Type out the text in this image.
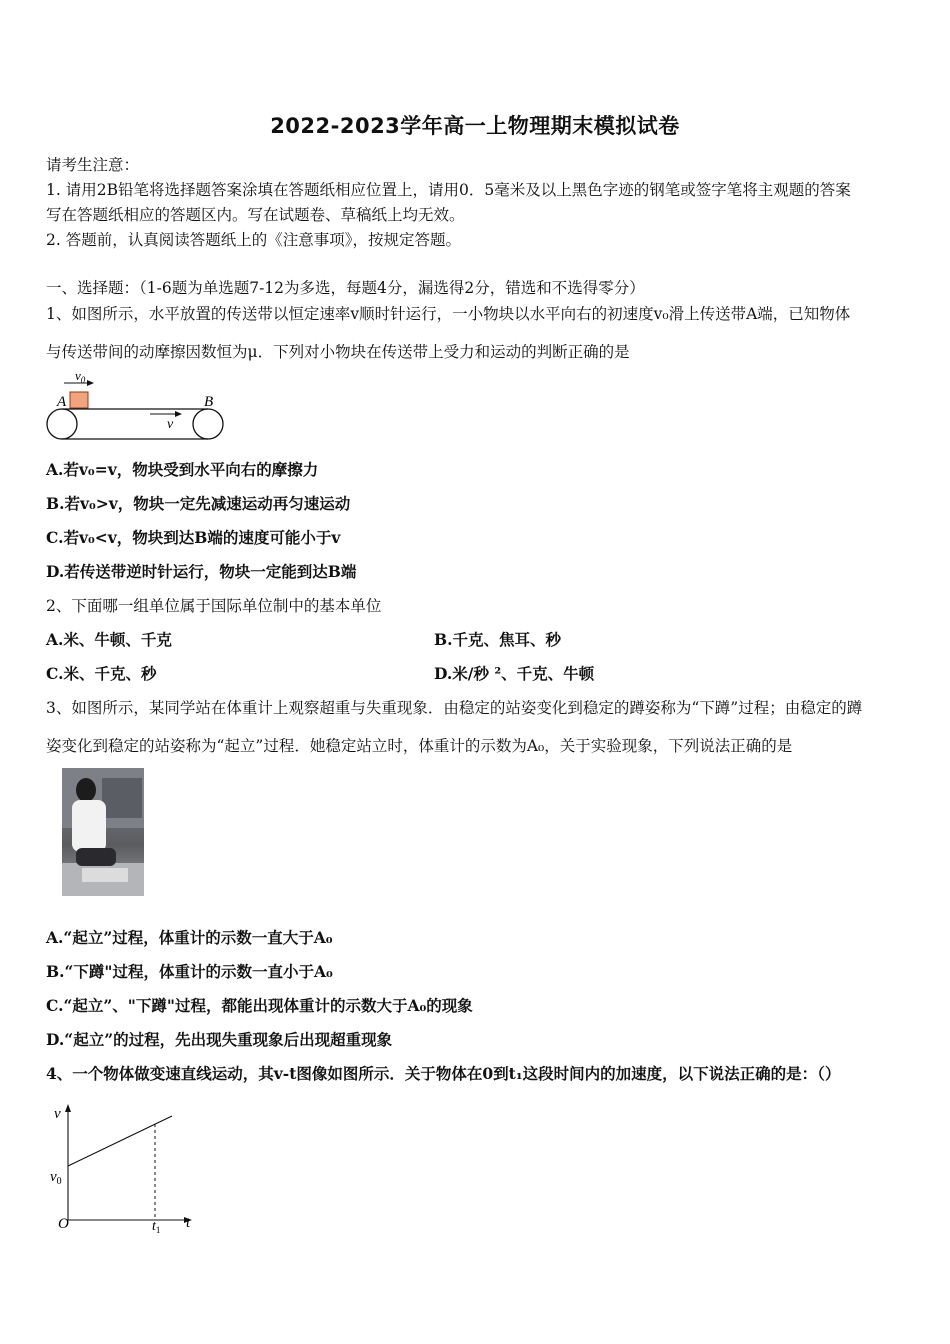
2022-2023学年高一上物理期末模拟试卷
请考生注意：
1. 请用2B铅笔将选择题答案涂填在答题纸相应位置上，请用0．5毫米及以上黑色字迹的钢笔或签字笔将主观题的答案
写在答题纸相应的答题区内。写在试题卷、草稿纸上均无效。
2. 答题前，认真阅读答题纸上的《注意事项》，按规定答题。
一、选择题：（1-6题为单选题7-12为多选，每题4分，漏选得2分，错选和不选得零分）
1、如图所示，水平放置的传送带以恒定速率v顺时针运行，一小物块以水平向右的初速度v₀滑上传送带A端，已知物体
与传送带间的动摩擦因数恒为μ．下列对小物块在传送带上受力和运动的判断正确的是
$v_0$
A	B
v
A.若v₀=v，物块受到水平向右的摩擦力
B.若v₀>v，物块一定先减速运动再匀速运动
C.若v₀<v，物块到达B端的速度可能小于v
D.若传送带逆时针运行，物块一定能到达B端
2、下面哪一组单位属于国际单位制中的基本单位
A.米、牛顿、千克	B.千克、焦耳、秒
C.米、千克、秒	D.米/秒 ²、千克、牛顿
3、如图所示，某同学站在体重计上观察超重与失重现象．由稳定的站姿变化到稳定的蹲姿称为“下蹲”过程；由稳定的蹲
姿变化到稳定的站姿称为“起立”过程．她稳定站立时，体重计的示数为A₀，关于实验现象，下列说法正确的是
A.“起立”过程，体重计的示数一直大于A₀
B.“下蹲"过程，体重计的示数一直小于A₀
C.“起立”、"下蹲"过程，都能出现体重计的示数大于A₀的现象
D.“起立”的过程，先出现失重现象后出现超重现象
4、一个物体做变速直线运动，其v-t图像如图所示．关于物体在0到t₁这段时间内的加速度，以下说法正确的是：（）
v
$v_0$
O	$t_1$ t
